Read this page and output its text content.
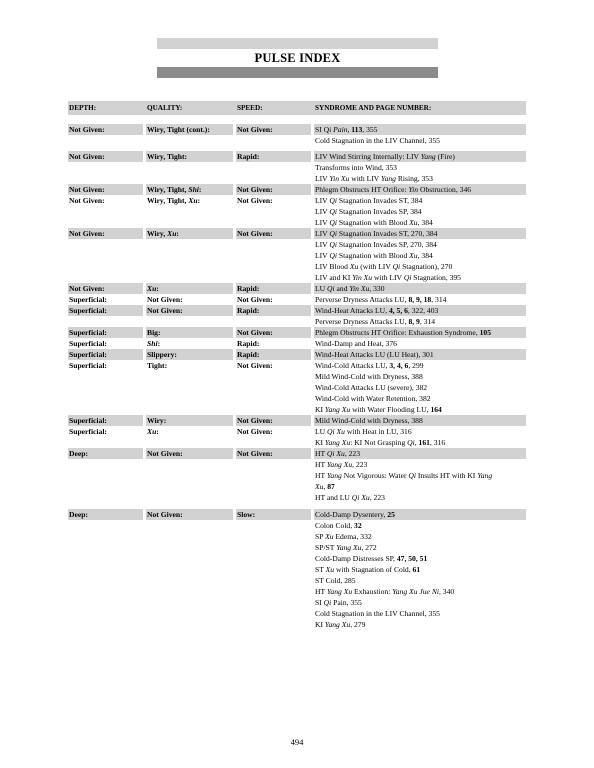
PULSE INDEX
DEPTH:	QUALITY:	SPEED:	SYNDROME AND PAGE NUMBER:
Not Given:	Wiry, Tight (cont.):	Not Given:	SI Qi Pain, 113, 355
Cold Stagnation in the LIV Channel, 355
Not Given:	Wiry, Tight:	Rapid:	LIV Wind Stirring Internally: LIV Yang (Fire)
Transforms into Wind, 353
LIV Yin Xu with LIV Yang Rising, 353
Not Given:	Wiry, Tight, Shi:	Not Given:	Phlegm Obstructs HT Orifice: Yin Obstruction, 346
Not Given:	Wiry, Tight, Xu:	Not Given:	LIV Qi Stagnation Invades ST, 384
LIV Qi Stagnation Invades SP, 384
LIV Qi Stagnation with Blood Xu, 384
Not Given:	Wiry, Xu:	Not Given:	LIV Qi Stagnation Invades ST, 270, 384
LIV Qi Stagnation Invades SP, 270, 384
LIV Qi Stagnation with Blood Xu, 384
LIV Blood Xu (with LIV Qi Stagnation), 270
LIV and KI Yin Xu with LIV Qi Stagnation, 395
Not Given:	Xu:	Rapid:	LU Qi and Yin Xu, 330
Superficial:	Not Given:	Not Given:	Perverse Dryness Attacks LU, 8, 9, 18, 314
Superficial:	Not Given:	Rapid:	Wind-Heat Attacks LU, 4, 5, 6, 322, 403
Perverse Dryness Attacks LU, 8, 9, 314
Superficial:	Big:	Not Given:	Phlegm Obstructs HT Orifice: Exhaustion Syndrome, 105
Superficial:	Shi:	Rapid:	Wind-Damp and Heat, 376
Superficial:	Slippery:	Rapid:	Wind-Heat Attacks LU (LU Heat), 301
Superficial:	Tight:	Not Given:	Wind-Cold Attacks LU, 3, 4, 6, 299
Mild Wind-Cold with Dryness, 388
Wind-Cold Attacks LU (severe), 382
Wind-Cold with Water Retention, 382
KI Yang Xu with Water Flooding LU, 164
Superficial:	Wiry:	Not Given:	Mild Wind-Cold with Dryness, 388
Superficial:	Xu:	Not Given:	LU Qi Xu with Heat in LU, 316
KI Yang Xu: KI Not Grasping Qi, 161, 316
Deep:	Not Given:	Not Given:	HT Qi Xu, 223
HT Yang Xu, 223
HT Yang Not Vigorous: Water Qi Insults HT with KI Yang
Xu, 87
HT and LU Qi Xu, 223
Deep:	Not Given:	Slow:	Cold-Damp Dysentery, 25
Colon Cold, 32
SP Xu Edema, 332
SP/ST Yang Xu, 272
Cold-Damp Distresses SP, 47, 50, 51
ST Xu with Stagnation of Cold, 61
ST Cold, 285
HT Yang Xu Exhaustion: Yang Xu Jue Ni, 340
SI Qi Pain, 355
Cold Stagnation in the LIV Channel, 355
KI Yang Xu, 279
494
